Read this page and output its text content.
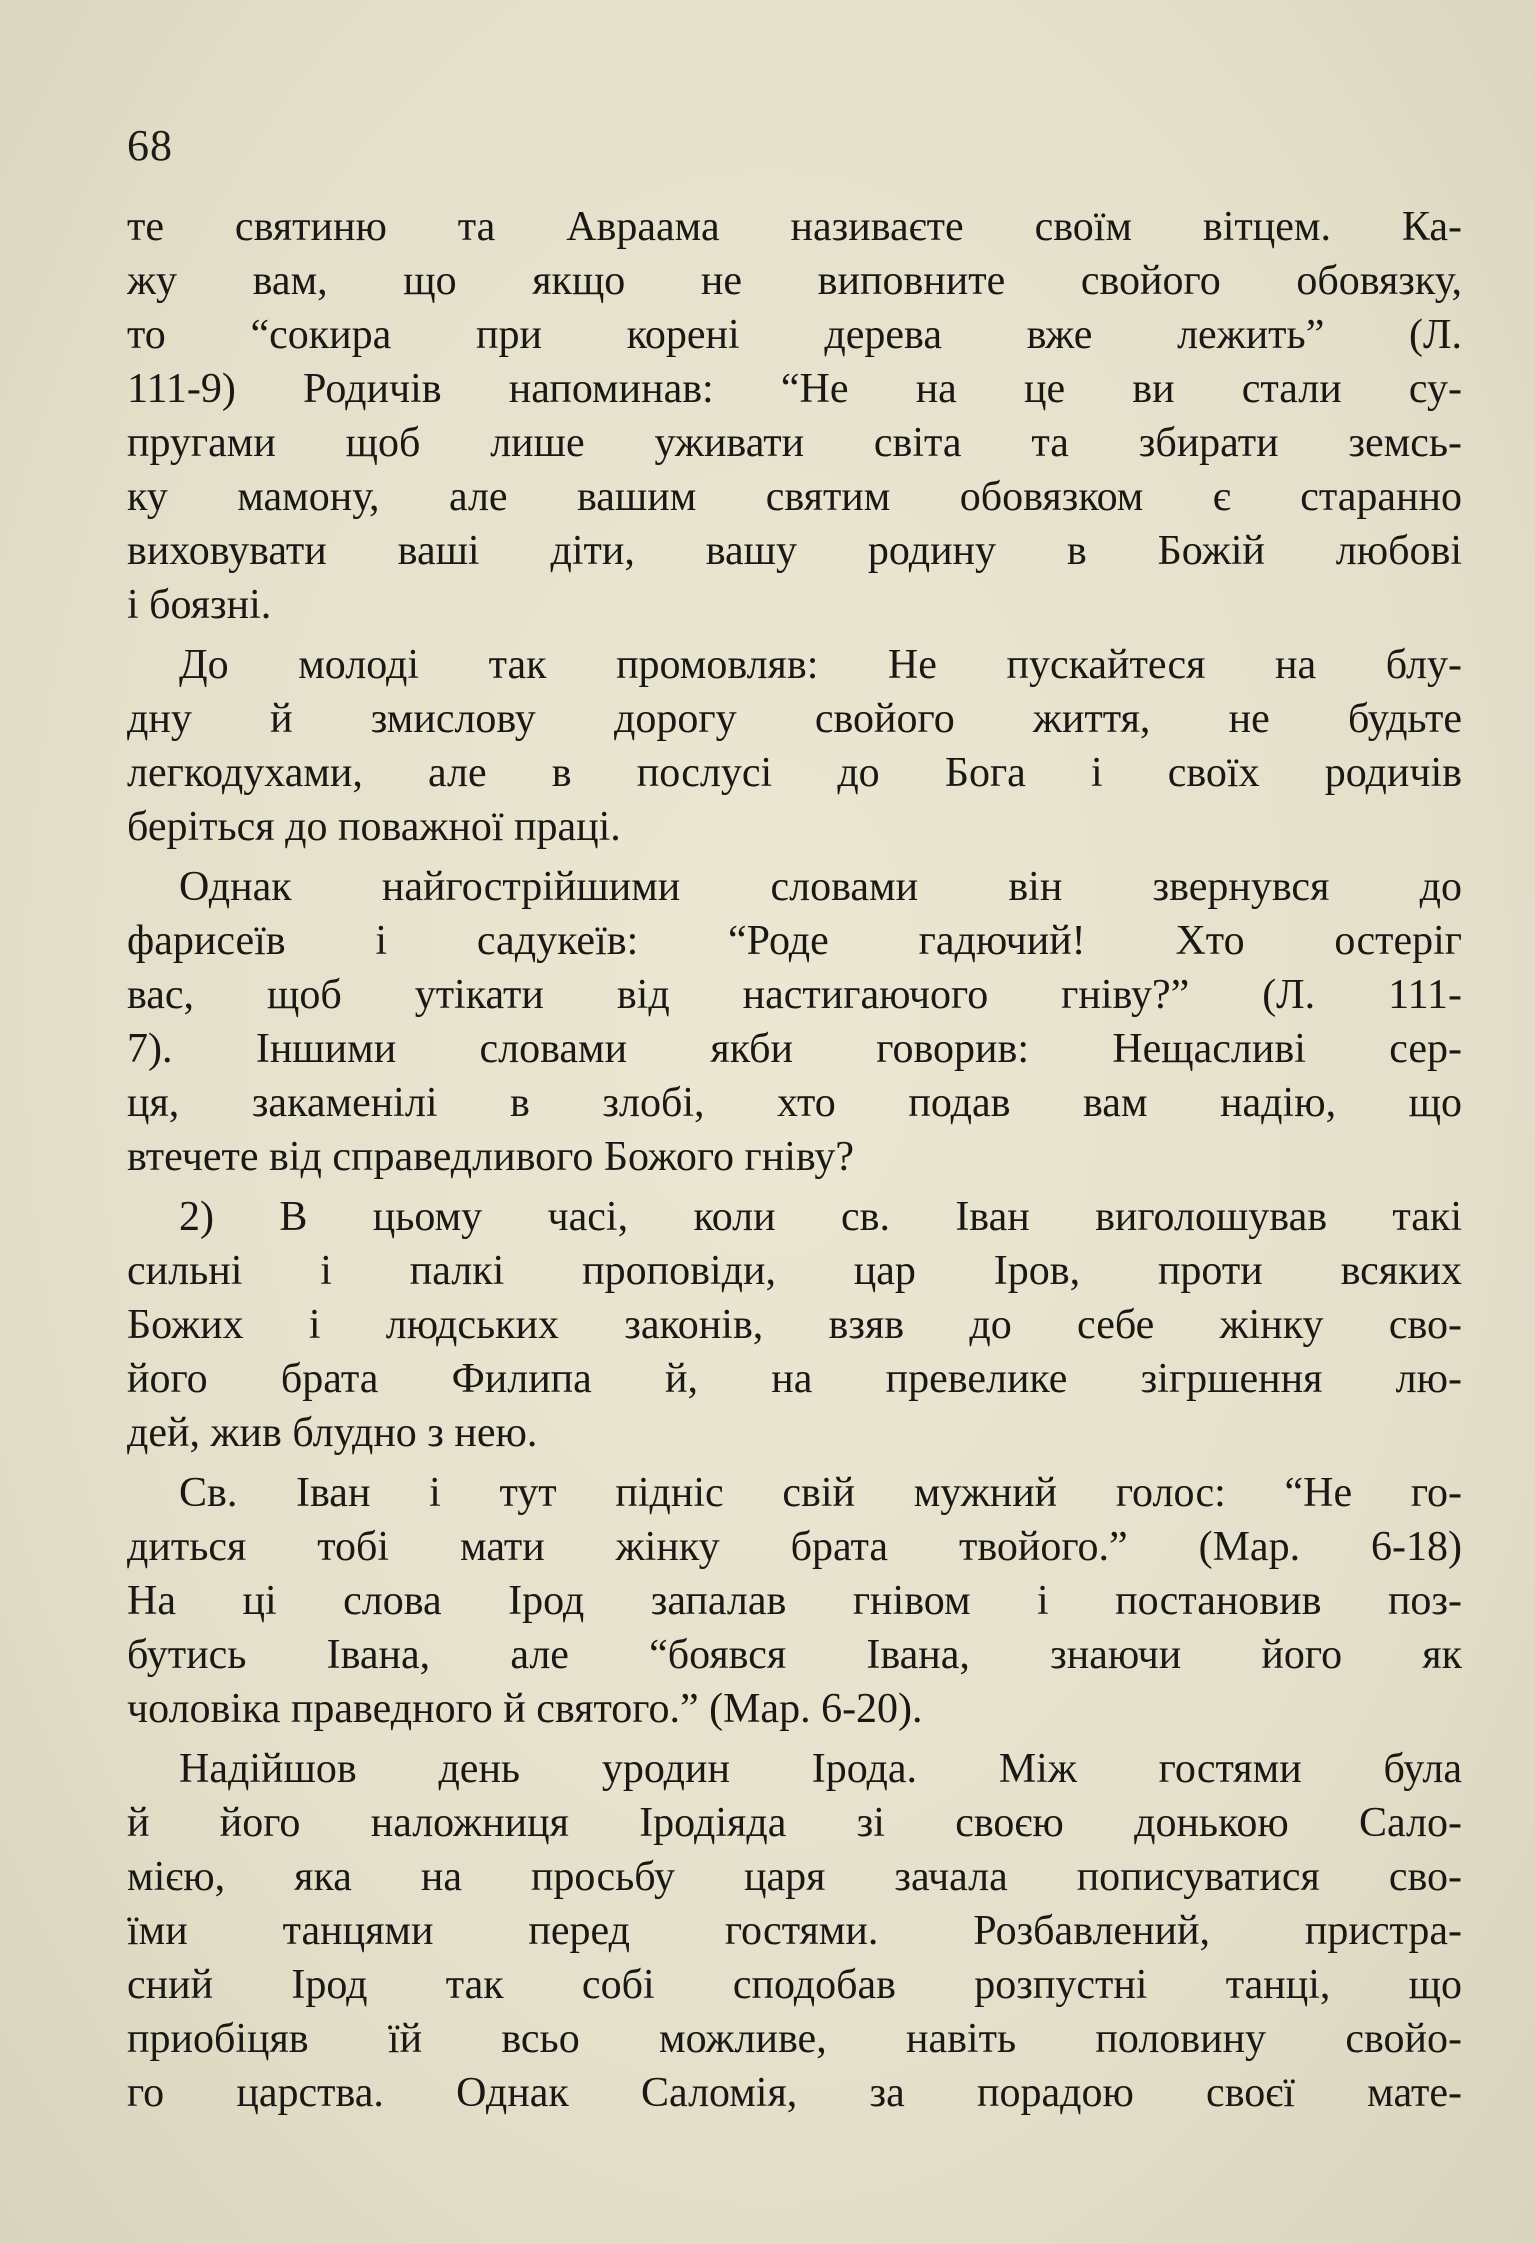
68
те святиню та Авраама називаєте своїм вітцем. Ка-
жу вам, що якщо не виповните свойого обовязку,
то “сокира при корені дерева вже лежить” (Л.
111-9) Родичів напоминав: “Не на це ви стали су-
пругами щоб лише уживати світа та збирати земсь-
ку мамону, але вашим святим обовязком є старанно
виховувати ваші діти, вашу родину в Божій любові
і боязні.
До молоді так промовляв: Не пускайтеся на блу-
дну й змислову дорогу свойого життя, не будьте
легкодухами, але в послусі до Бога і своїх родичів
беріться до поважної праці.
Однак найгострійшими словами він звернувся до
фарисеїв і садукеїв: “Роде гадючий! Хто остеріг
вас, щоб утікати від настигаючого гніву?” (Л. 111-
7). Іншими словами якби говорив: Нещасливі сер-
ця, закаменілі в злобі, хто подав вам надію, що
втечете від справедливого Божого гніву?
2) В цьому часі, коли св. Іван виголошував такі
сильні і палкі проповіди, цар Іров, проти всяких
Божих і людських законів, взяв до себе жінку сво-
його брата Филипа й, на превелике зігршення лю-
дей, жив блудно з нею.
Св. Іван і тут підніс свій мужний голос: “Не го-
диться тобі мати жінку брата твойого.” (Мар. 6-18)
На ці слова Ірод запалав гнівом і постановив поз-
бутись Івана, але “боявся Івана, знаючи його як
чоловіка праведного й святого.” (Мар. 6-20).
Надійшов день уродин Ірода. Між гостями була
й його наложниця Іродіяда зі своєю донькою Сало-
мією, яка на просьбу царя зачала пописуватися сво-
їми танцями перед гостями. Розбавлений, пристра-
сний Ірод так собі сподобав розпустні танці, що
приобіцяв їй всьо можливе, навіть половину свойо-
го царства. Однак Саломія, за порадою своєї мате-
